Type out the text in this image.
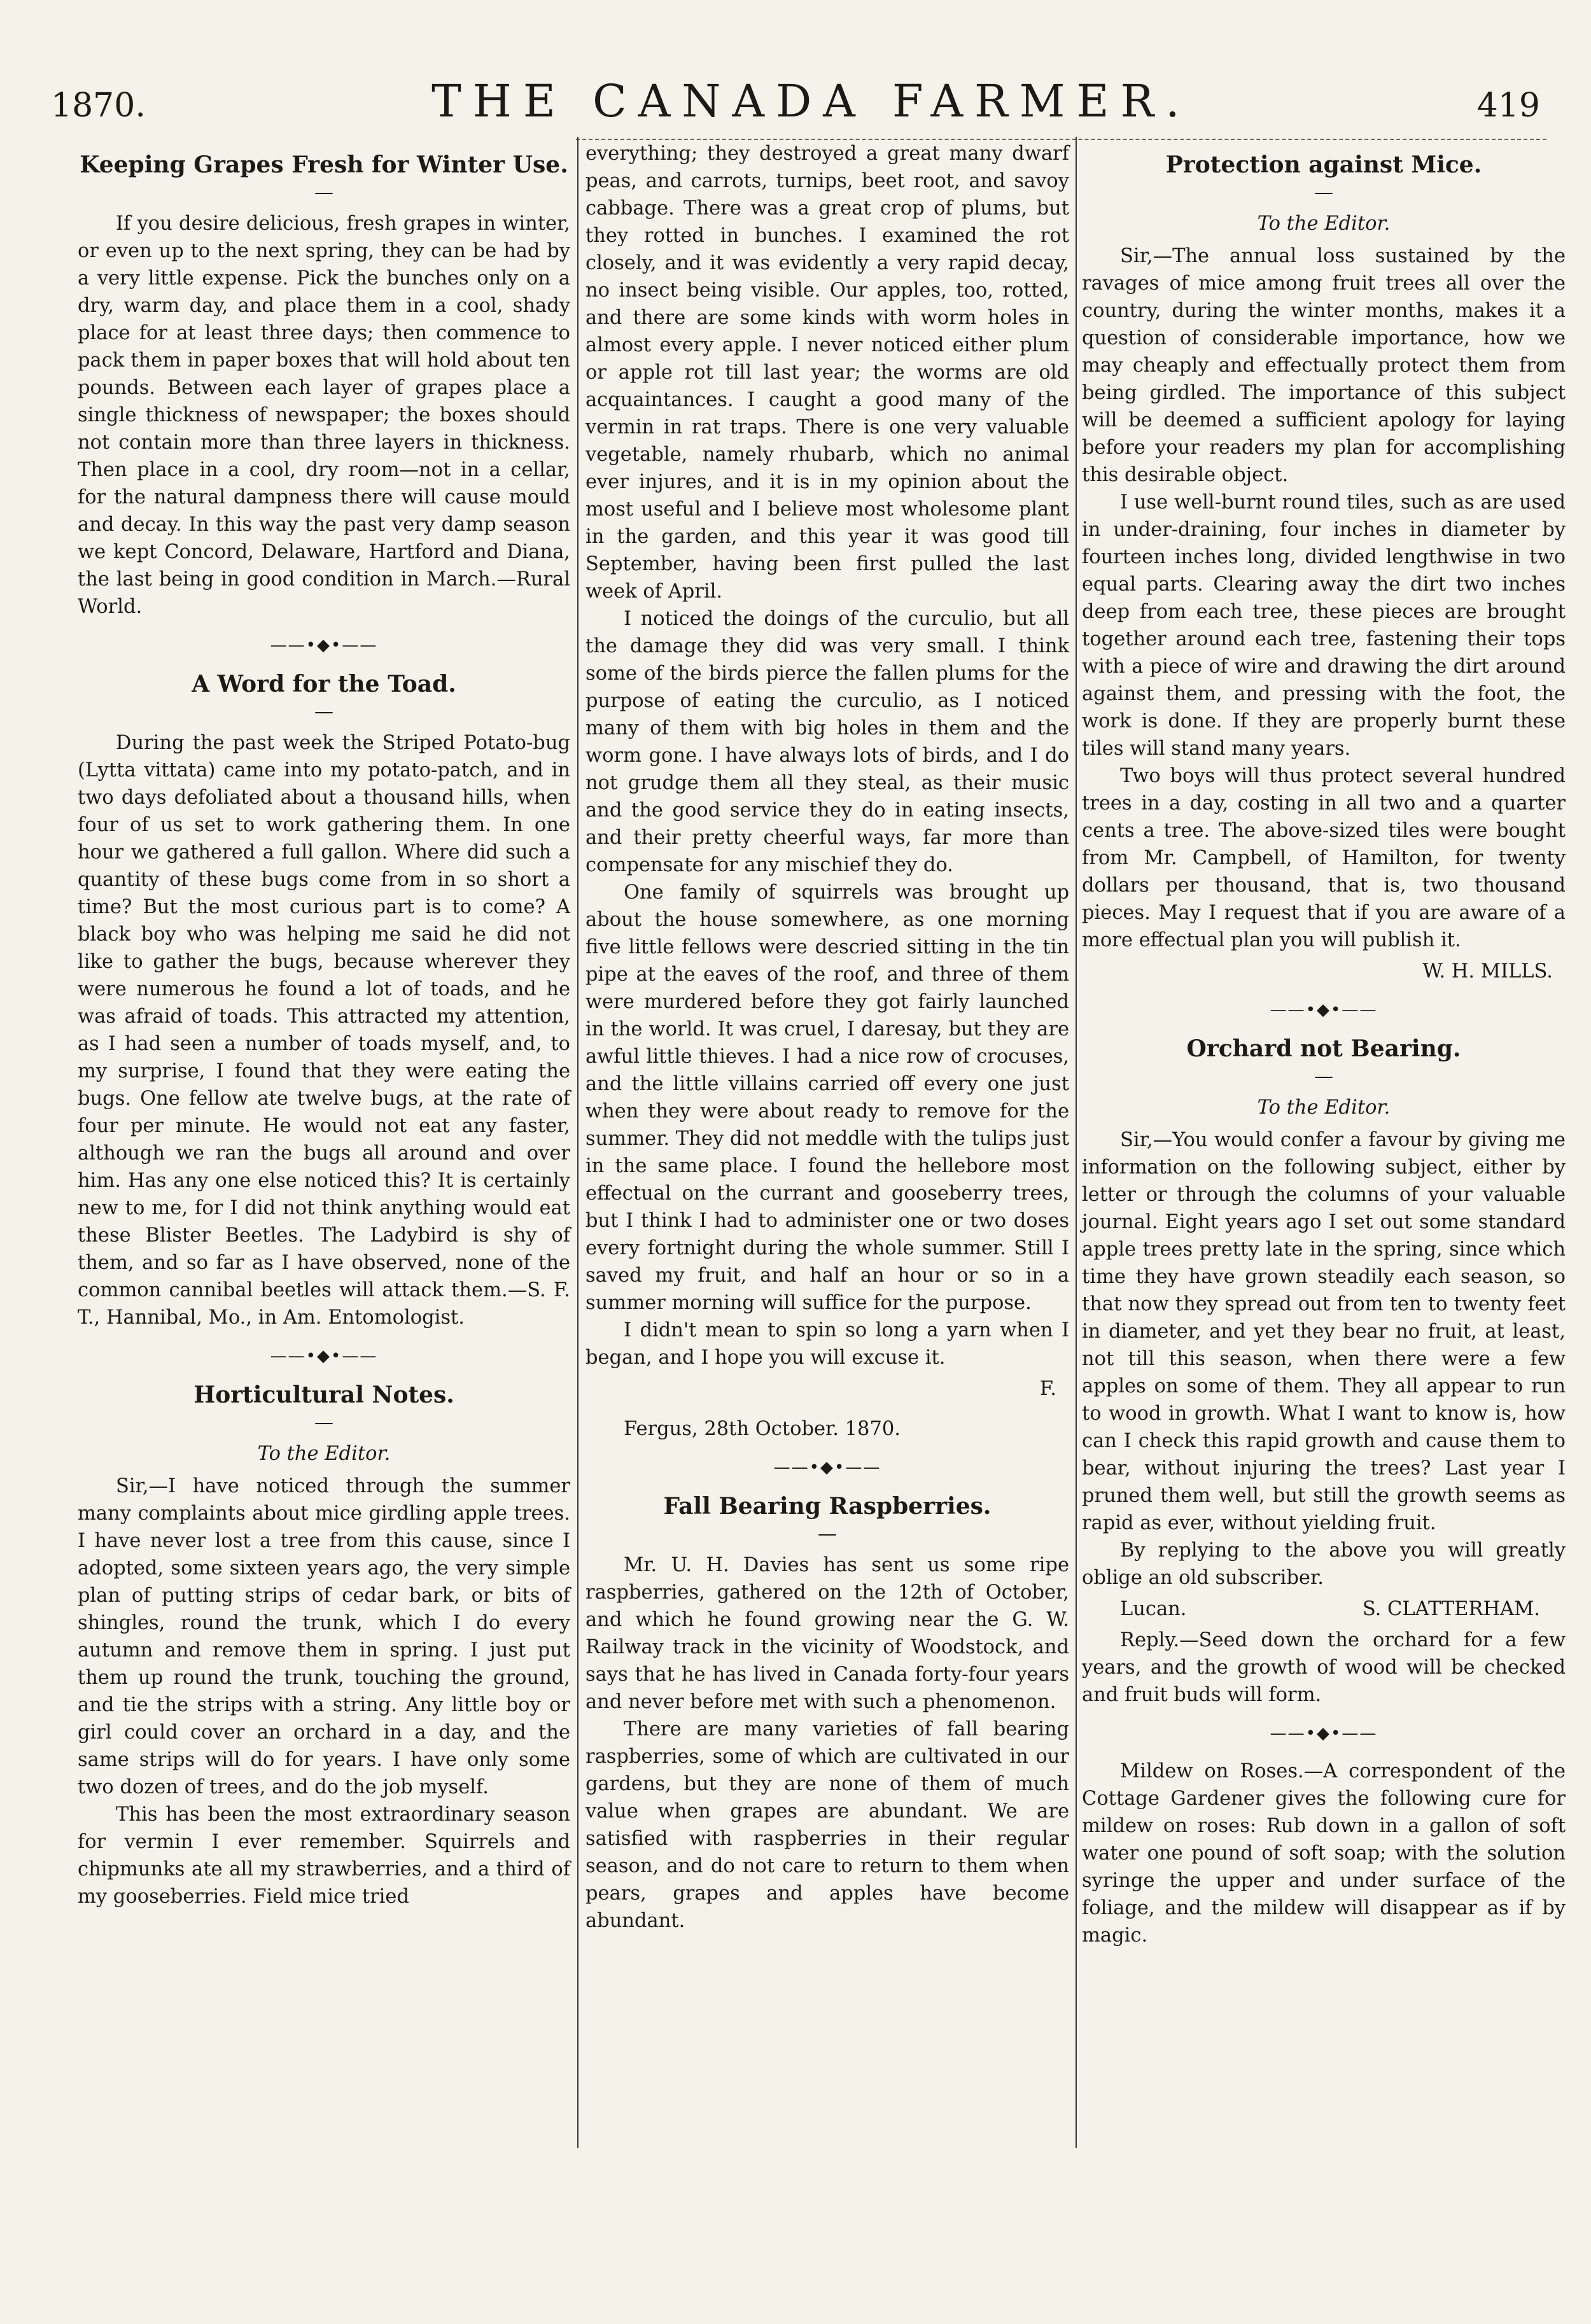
1870.	THE CANADA FARMER.	419
Keeping Grapes Fresh for Winter Use.
—

If you desire delicious, fresh grapes in winter, or even up to the next spring, they can be had by a very little expense. Pick the bunches only on a dry, warm day, and place them in a cool, shady place for at least three days; then commence to pack them in paper boxes that will hold about ten pounds. Between each layer of grapes place a single thickness of newspaper; the boxes should not contain more than three layers in thickness. Then place in a cool, dry room—not in a cellar, for the natural dampness there will cause mould and decay. In this way the past very damp season we kept Concord, Delaware, Hartford and Diana, the last being in good condition in March.—Rural World.

——•◆•——
A Word for the Toad.
—

During the past week the Striped Potato-bug (Lytta vittata) came into my potato-patch, and in two days defoliated about a thousand hills, when four of us set to work gathering them. In one hour we gathered a full gallon. Where did such a quantity of these bugs come from in so short a time? But the most curious part is to come? A black boy who was helping me said he did not like to gather the bugs, because wherever they were numerous he found a lot of toads, and he was afraid of toads. This attracted my attention, as I had seen a number of toads myself, and, to my surprise, I found that they were eating the bugs. One fellow ate twelve bugs, at the rate of four per minute. He would not eat any faster, although we ran the bugs all around and over him. Has any one else noticed this? It is certainly new to me, for I did not think anything would eat these Blister Beetles. The Ladybird is shy of them, and so far as I have observed, none of the common cannibal beetles will attack them.—S. F. T., Hannibal, Mo., in Am. Entomologist.

——•◆•——
Horticultural Notes.
—
To the Editor.

Sir,—I have noticed through the summer many complaints about mice girdling apple trees. I have never lost a tree from this cause, since I adopted, some sixteen years ago, the very simple plan of putting strips of cedar bark, or bits of shingles, round the trunk, which I do every autumn and remove them in spring. I just put them up round the trunk, touching the ground, and tie the strips with a string. Any little boy or girl could cover an orchard in a day, and the same strips will do for years. I have only some two dozen of trees, and do the job myself.

This has been the most extraordinary season for vermin I ever remember. Squirrels and chipmunks ate all my strawberries, and a third of my gooseberries. Field mice tried

everything; they destroyed a great many dwarf peas, and carrots, turnips, beet root, and savoy cabbage. There was a great crop of plums, but they rotted in bunches. I examined the rot closely, and it was evidently a very rapid decay, no insect being visible. Our apples, too, rotted, and there are some kinds with worm holes in almost every apple. I never noticed either plum or apple rot till last year; the worms are old acquaintances. I caught a good many of the vermin in rat traps. There is one very valuable vegetable, namely rhubarb, which no animal ever injures, and it is in my opinion about the most useful and I believe most wholesome plant in the garden, and this year it was good till September, having been first pulled the last week of April.

I noticed the doings of the curculio, but all the damage they did was very small. I think some of the birds pierce the fallen plums for the purpose of eating the curculio, as I noticed many of them with big holes in them and the worm gone. I have always lots of birds, and I do not grudge them all they steal, as their music and the good service they do in eating insects, and their pretty cheerful ways, far more than compensate for any mischief they do.

One family of squirrels was brought up about the house somewhere, as one morning five little fellows were descried sitting in the tin pipe at the eaves of the roof, and three of them were murdered before they got fairly launched in the world. It was cruel, I daresay, but they are awful little thieves. I had a nice row of crocuses, and the little villains carried off every one just when they were about ready to remove for the summer. They did not meddle with the tulips just in the same place. I found the hellebore most effectual on the currant and gooseberry trees, but I think I had to administer one or two doses every fortnight during the whole summer. Still I saved my fruit, and half an hour or so in a summer morning will suffice for the purpose.

I didn't mean to spin so long a yarn when I began, and I hope you will excuse it.

F.
Fergus, 28th October. 1870.
——•◆•——
Fall Bearing Raspberries.
—

Mr. U. H. Davies has sent us some ripe raspberries, gathered on the 12th of October, and which he found growing near the G. W. Railway track in the vicinity of Woodstock, and says that he has lived in Canada forty-four years and never before met with such a phenomenon.

There are many varieties of fall bearing raspberries, some of which are cultivated in our gardens, but they are none of them of much value when grapes are abundant. We are satisfied with raspberries in their regular season, and do not care to return to them when pears, grapes and apples have become abundant.

Protection against Mice.
—
To the Editor.

Sir,—The annual loss sustained by the ravages of mice among fruit trees all over the country, during the winter months, makes it a question of considerable importance, how we may cheaply and effectually protect them from being girdled. The importance of this subject will be deemed a sufficient apology for laying before your readers my plan for accomplishing this desirable object.

I use well-burnt round tiles, such as are used in under-draining, four inches in diameter by fourteen inches long, divided lengthwise in two equal parts. Clearing away the dirt two inches deep from each tree, these pieces are brought together around each tree, fastening their tops with a piece of wire and drawing the dirt around against them, and pressing with the foot, the work is done. If they are properly burnt these tiles will stand many years.

Two boys will thus protect several hundred trees in a day, costing in all two and a quarter cents a tree. The above-sized tiles were bought from Mr. Campbell, of Hamilton, for twenty dollars per thousand, that is, two thousand pieces. May I request that if you are aware of a more effectual plan you will publish it.

W. H. MILLS.
——•◆•——
Orchard not Bearing.
—
To the Editor.

Sir,—You would confer a favour by giving me information on the following subject, either by letter or through the columns of your valuable journal. Eight years ago I set out some standard apple trees pretty late in the spring, since which time they have grown steadily each season, so that now they spread out from ten to twenty feet in diameter, and yet they bear no fruit, at least, not till this season, when there were a few apples on some of them. They all appear to run to wood in growth. What I want to know is, how can I check this rapid growth and cause them to bear, without injuring the trees? Last year I pruned them well, but still the growth seems as rapid as ever, without yielding fruit.

By replying to the above you will greatly oblige an old subscriber.

Lucan.	S. CLATTERHAM.

Reply.—Seed down the orchard for a few years, and the growth of wood will be checked and fruit buds will form.

——•◆•——

Mildew on Roses.—A correspondent of the Cottage Gardener gives the following cure for mildew on roses: Rub down in a gallon of soft water one pound of soft soap; with the solution syringe the upper and under surface of the foliage, and the mildew will disappear as if by magic.
